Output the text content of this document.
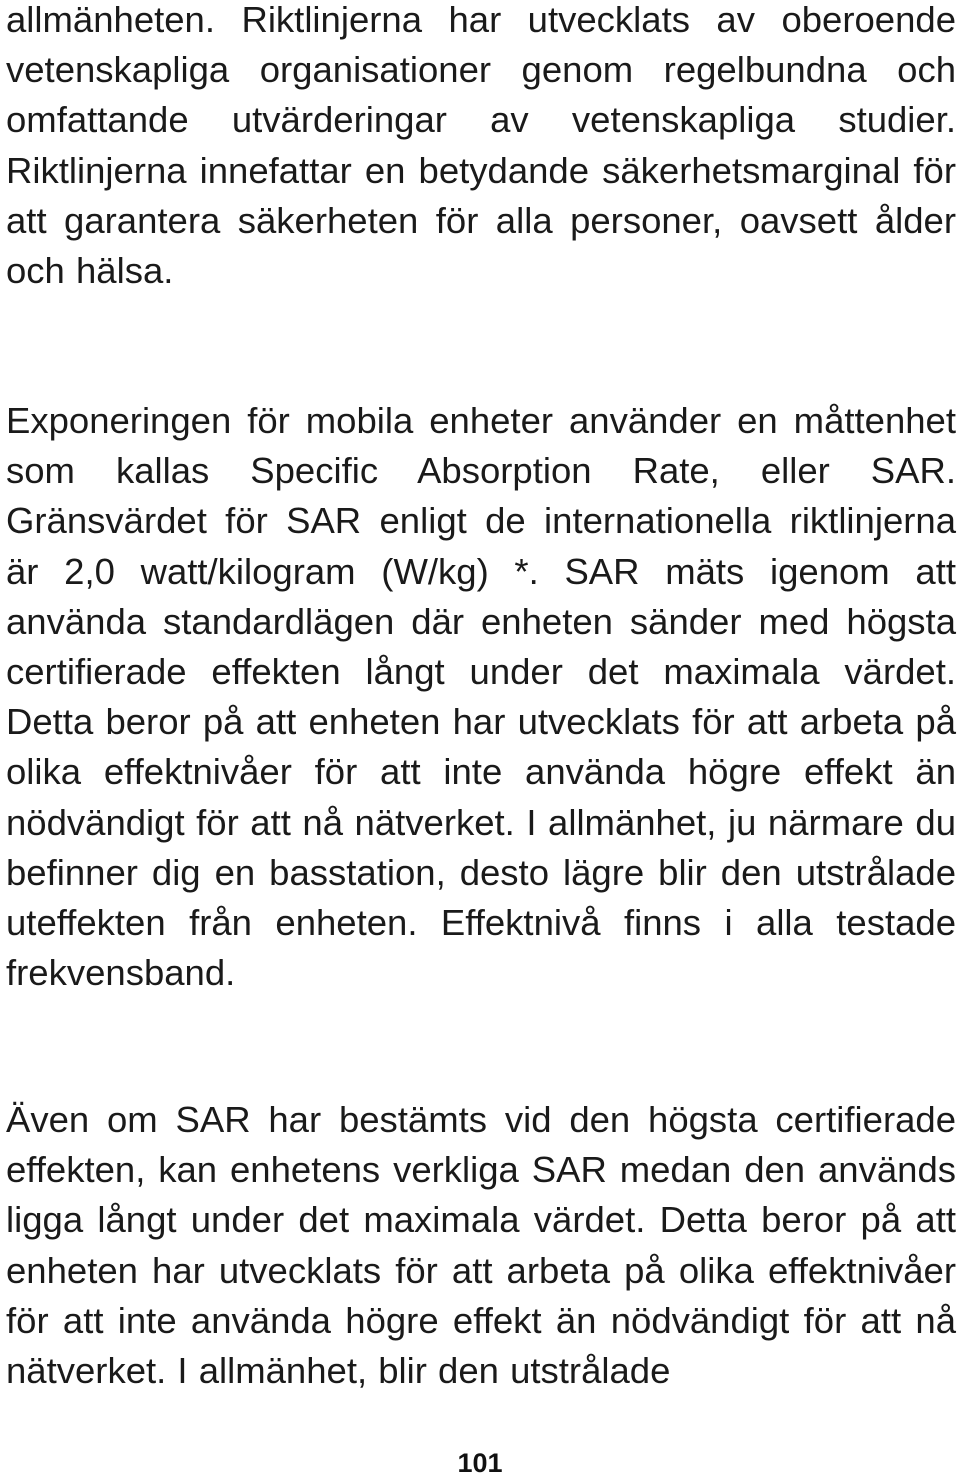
allmänheten. Riktlinjerna har utvecklats av oberoende vetenskapliga organisationer genom regelbundna och omfattande utvärderingar av vetenskapliga studier. Riktlinjerna innefattar en betydande säkerhetsmarginal för att garantera säkerheten för alla personer, oavsett ålder och hälsa.

Exponeringen för mobila enheter använder en måttenhet som kallas Specific Absorption Rate, eller SAR. Gränsvärdet för SAR enligt de internationella riktlinjerna är 2,0 watt/kilogram (W/kg) *. SAR mäts igenom att använda standardlägen där enheten sänder med högsta certifierade effekten långt under det maximala värdet. Detta beror på att enheten har utvecklats för att arbeta på olika effektnivåer för att inte använda högre effekt än nödvändigt för att nå nätverket. I allmänhet, ju närmare du befinner dig en basstation, desto lägre blir den utstrålade uteffekten från enheten. Effektnivå finns i alla testade frekvensband.

Även om SAR har bestämts vid den högsta certifierade effekten, kan enhetens verkliga SAR medan den används ligga långt under det maximala värdet. Detta beror på att enheten har utvecklats för att arbeta på olika effektnivåer för att inte använda högre effekt än nödvändigt för att nå nätverket. I allmänhet, blir den utstrålade

101
